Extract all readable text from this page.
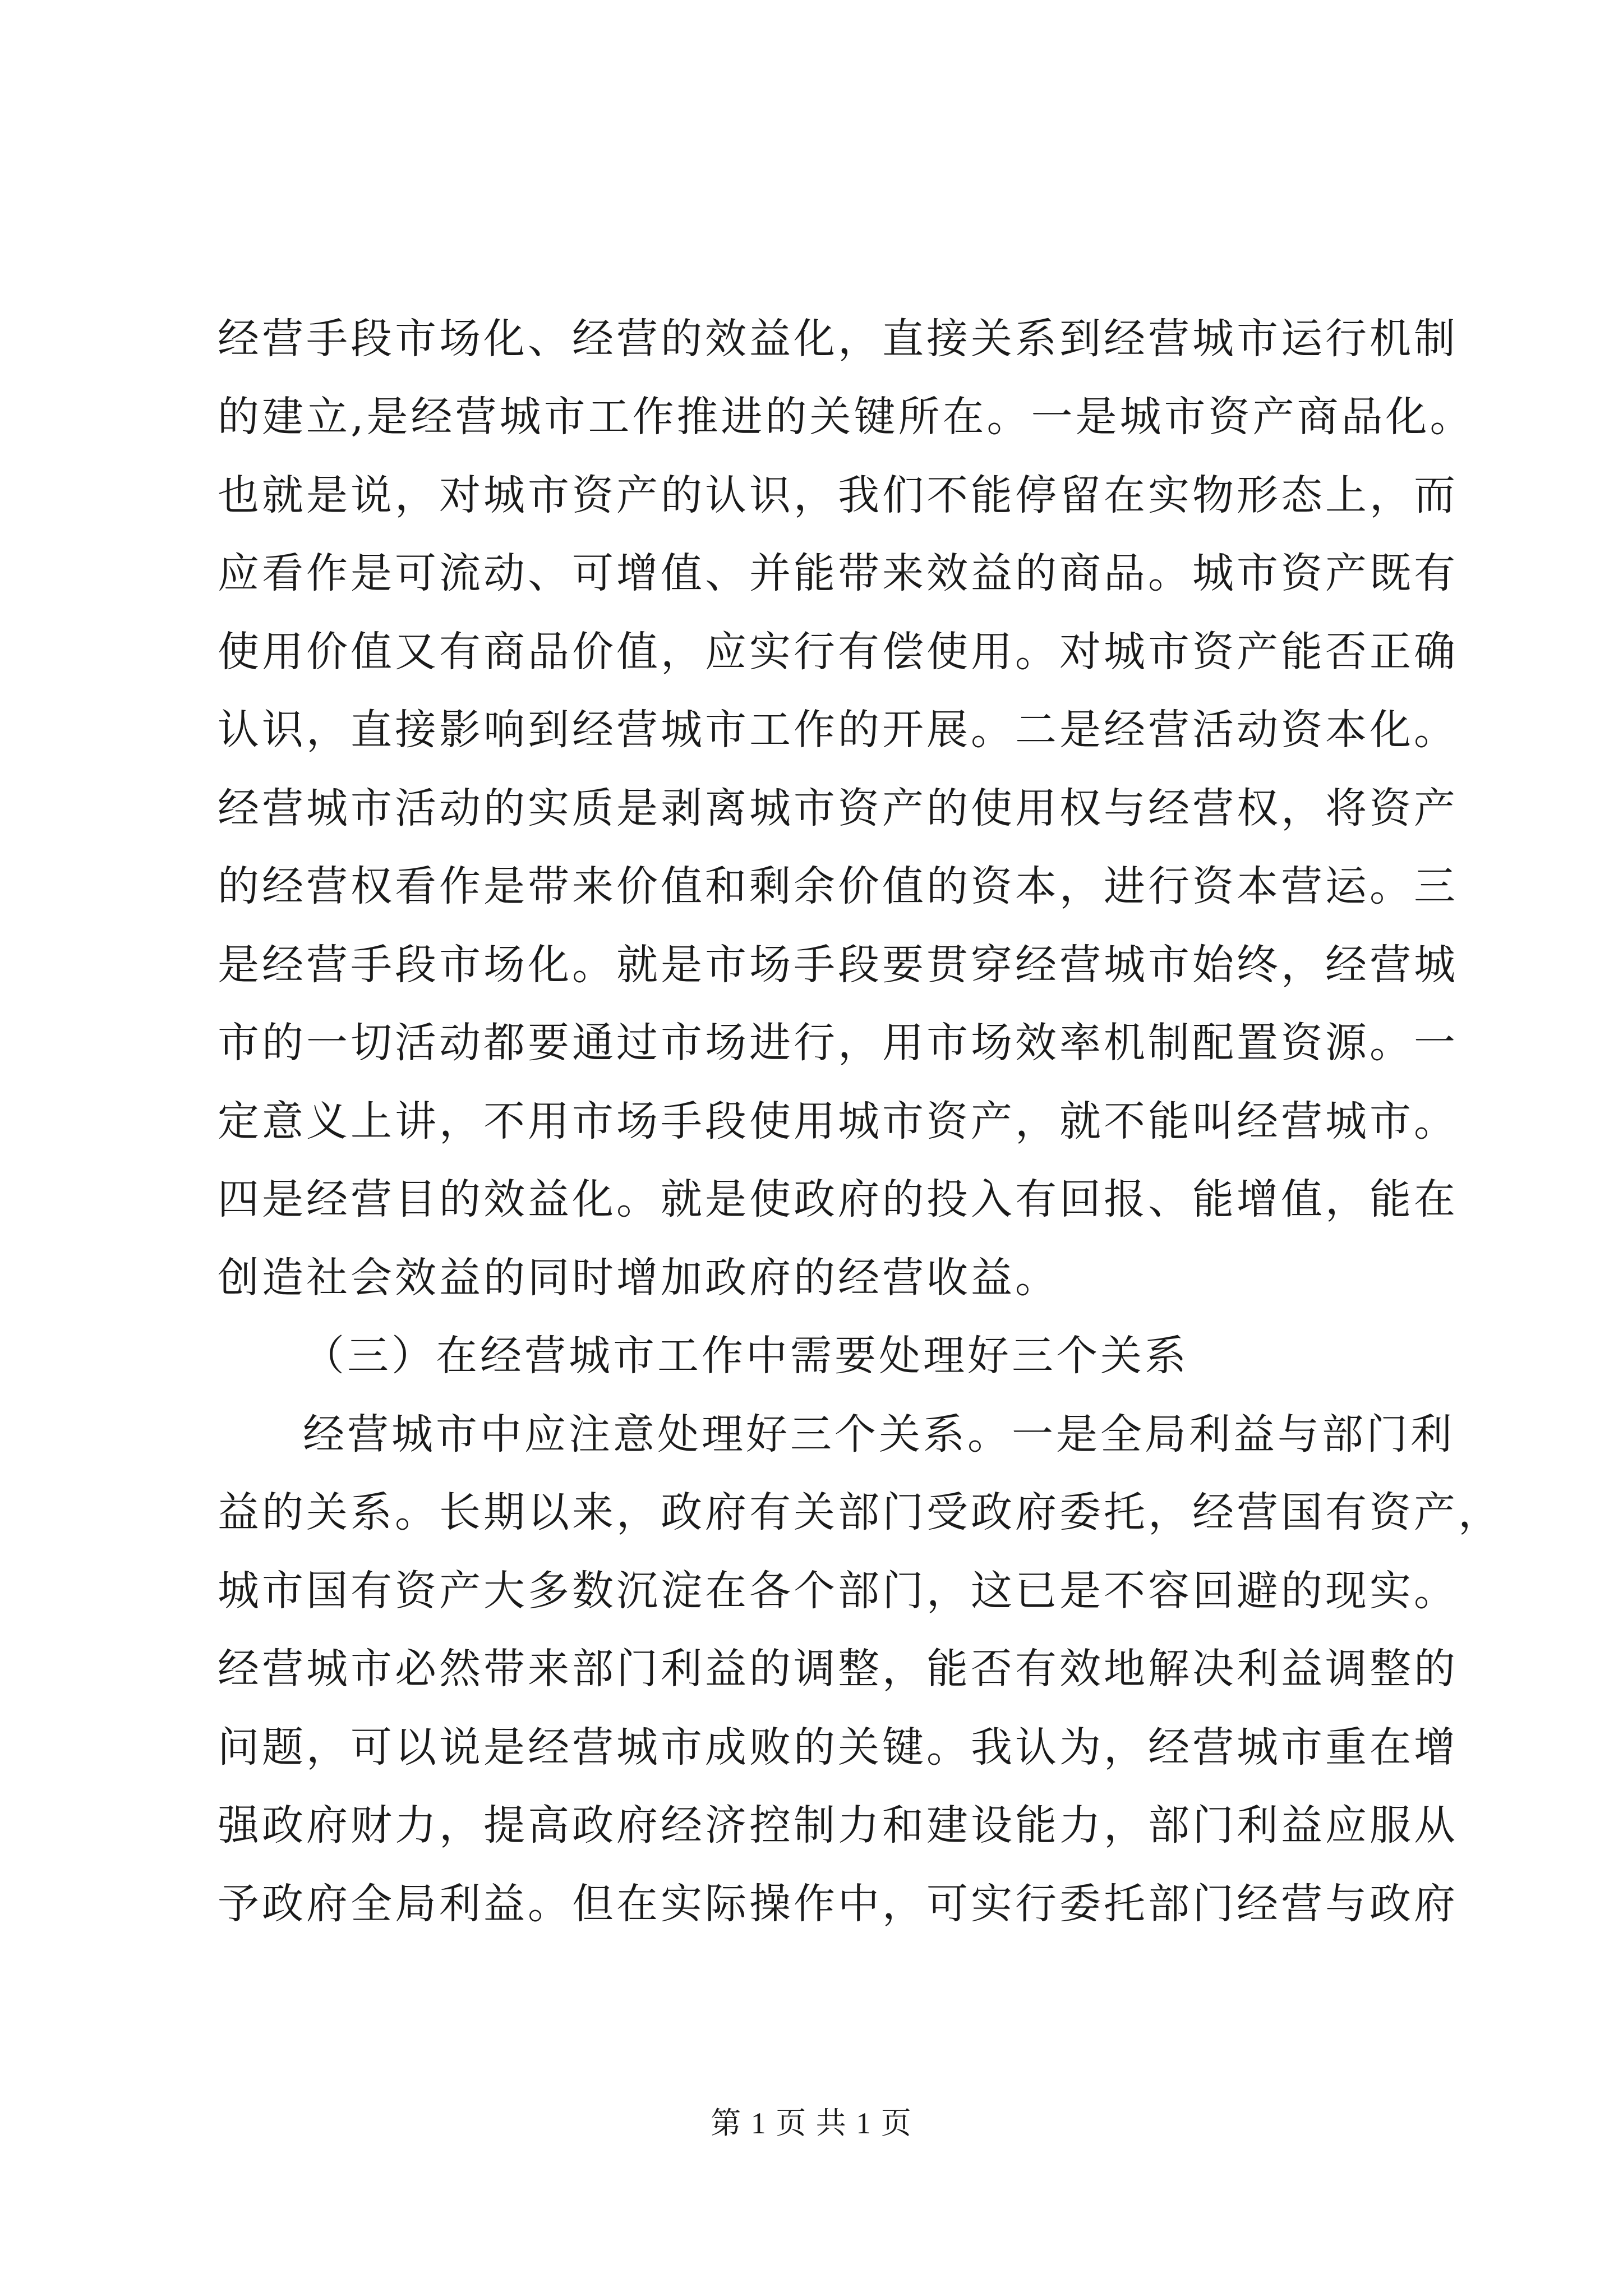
经营手段市场化、经营的效益化，直接关系到经营城市运行机制
的建立,是经营城市工作推进的关键所在。一是城市资产商品化。
也就是说，对城市资产的认识，我们不能停留在实物形态上，而
应看作是可流动、可增值、并能带来效益的商品。城市资产既有
使用价值又有商品价值，应实行有偿使用。对城市资产能否正确
认识，直接影响到经营城市工作的开展。二是经营活动资本化。
经营城市活动的实质是剥离城市资产的使用权与经营权，将资产
的经营权看作是带来价值和剩余价值的资本，进行资本营运。三
是经营手段市场化。就是市场手段要贯穿经营城市始终，经营城
市的一切活动都要通过市场进行，用市场效率机制配置资源。一
定意义上讲，不用市场手段使用城市资产，就不能叫经营城市。
四是经营目的效益化。就是使政府的投入有回报、能增值，能在
创造社会效益的同时增加政府的经营收益。
（三）在经营城市工作中需要处理好三个关系
经营城市中应注意处理好三个关系。一是全局利益与部门利
益的关系。长期以来，政府有关部门受政府委托，经营国有资产，
城市国有资产大多数沉淀在各个部门，这已是不容回避的现实。
经营城市必然带来部门利益的调整，能否有效地解决利益调整的
问题，可以说是经营城市成败的关键。我认为，经营城市重在增
强政府财力，提高政府经济控制力和建设能力，部门利益应服从
予政府全局利益。但在实际操作中，可实行委托部门经营与政府
第 1 页 共 1 页
